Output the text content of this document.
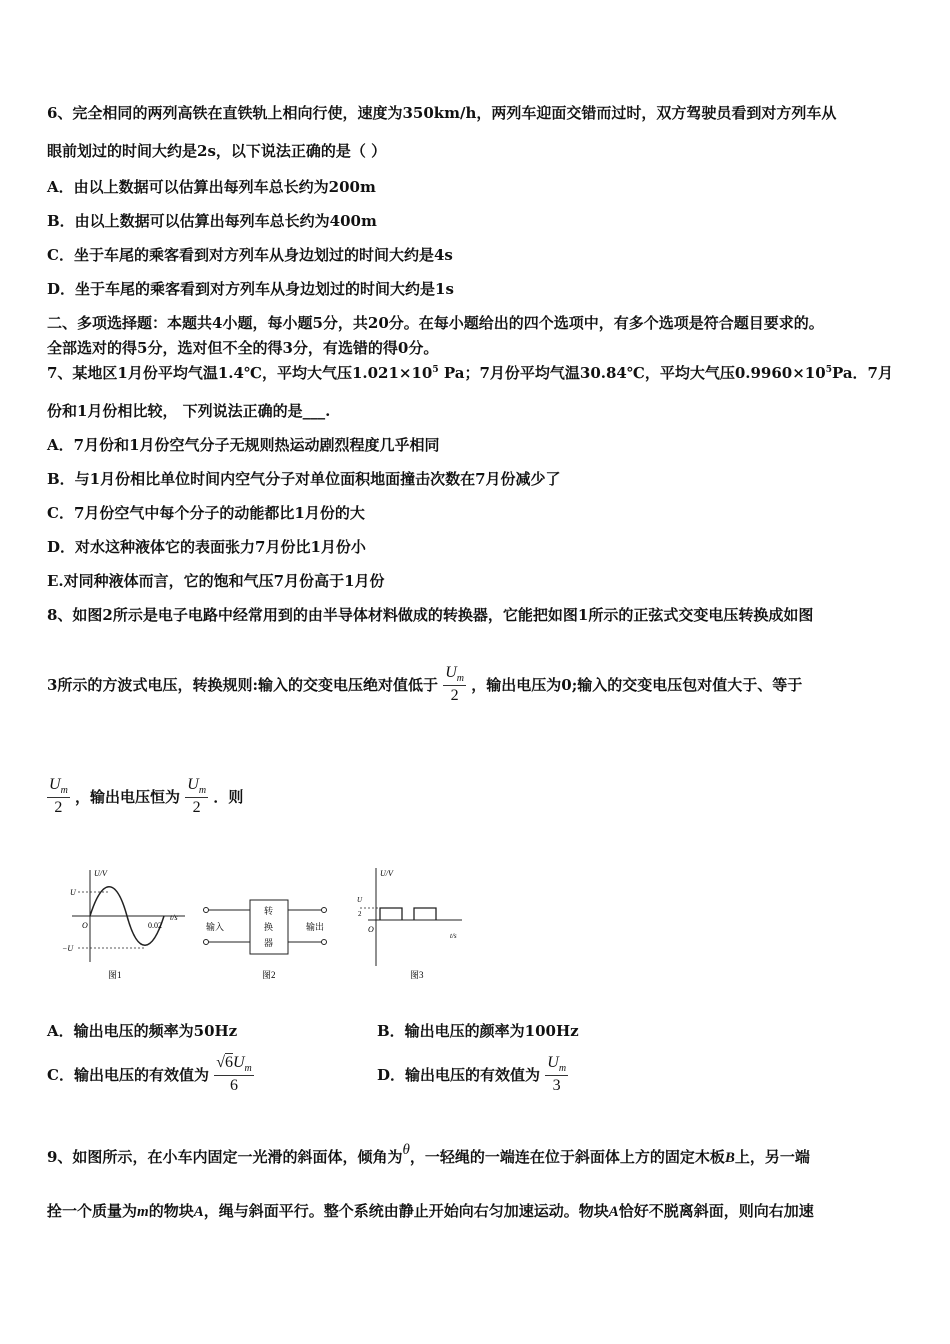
6、完全相同的两列高铁在直铁轨上相向行使，速度为350km/h，两列车迎面交错而过时，双方驾驶员看到对方列车从
眼前划过的时间大约是2s，以下说法正确的是（ ）
A．由以上数据可以估算出每列车总长约为200m
B．由以上数据可以估算出每列车总长约为400m
C．坐于车尾的乘客看到对方列车从身边划过的时间大约是4s
D．坐于车尾的乘客看到对方列车从身边划过的时间大约是1s
二、多项选择题：本题共4小题，每小题5分，共20分。在每小题给出的四个选项中，有多个选项是符合题目要求的。
全部选对的得5分，选对但不全的得3分，有选错的得0分。
7、某地区1月份平均气温1.4℃，平均大气压$1.021\times 10^5$ Pa；7月份平均气温30.84℃，平均大气压$0.9960\times 10^5Pa$．7月
份和1月份相比较， 下列说法正确的是___.
A．7月份和1月份空气分子无规则热运动剧烈程度几乎相同
B．与1月份相比单位时间内空气分子对单位面积地面撞击次数在7月份减少了
C．7月份空气中每个分子的动能都比1月份的大
D．对水这种液体它的表面张力7月份比1月份小
E.对同种液体而言，它的饱和气压7月份高于1月份
8、如图2所示是电子电路中经常用到的由半导体材料做成的转换器，它能把如图1所示的正弦式交变电压转换成如图
3所示的方波式电压，转换规则:输入的交变电压绝对值低于 $\frac{U_m}{2}$ ，输出电压为0;输入的交变电压包对值大于、等于
$\frac{U_m}{2}$ ，输出电压恒为 $\frac{U_m}{2}$ ．则
U/V
U
−U
O	0.02
t/s
图1
转
换
器
输入	输出
图2
U/V
U
2
O
t/s
图3
A．输出电压的频率为50Hz	B．输出电压的颜率为100Hz
C．输出电压的有效值为 $\frac{√6U_m}{6}$	D．输出电压的有效值为 $\frac{U_m}{3}$
9、如图所示，在小车内固定一光滑的斜面体，倾角为θ，一轻绳的一端连在位于斜面体上方的固定木板B上，另一端
拴一个质量为m的物块A，绳与斜面平行。整个系统由静止开始向右匀加速运动。物块A恰好不脱离斜面，则向右加速
